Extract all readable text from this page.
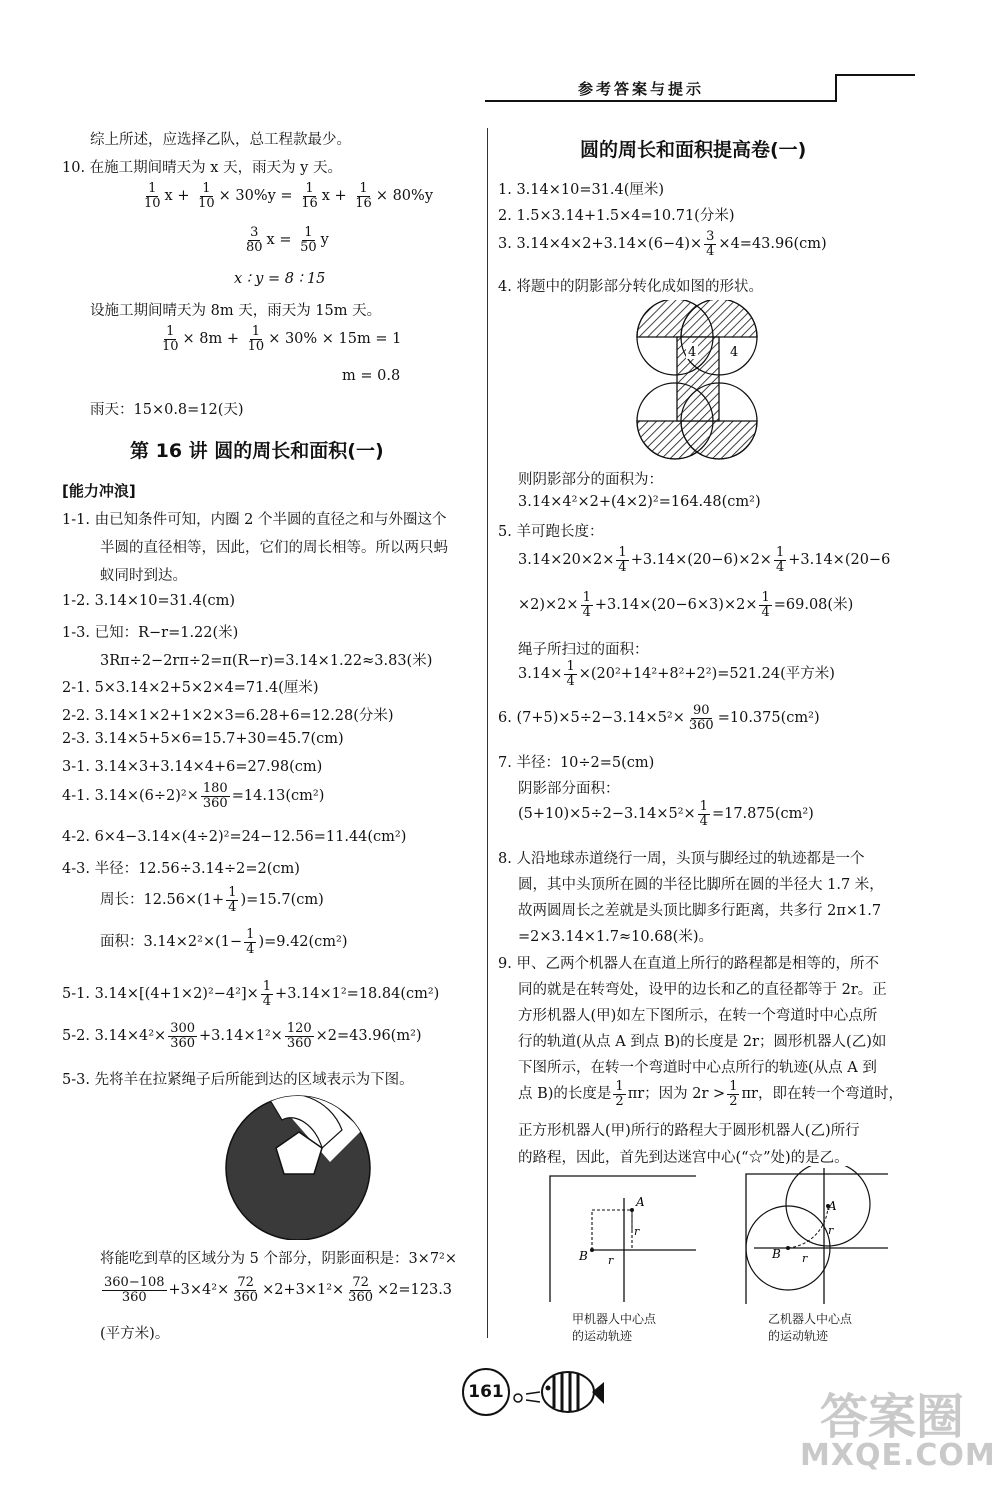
参考答案与提示
综上所述，应选择乙队，总工程款最少。
10. 在施工期间晴天为 x 天，雨天为 y 天。
$\frac{1}{10}$ $x + \frac{1}{10} \times 30\%y = \frac{1}{16}$ $x + \frac{1}{16} \times 80\%y$
$\frac{3}{80}$ $x = \frac{1}{50}$ y
x ∶ y = 8 ∶ 15
设施工期间晴天为 8m 天，雨天为 15m 天。
$\frac{1}{10} \times 8m + \frac{1}{10} \times 30\% \times 15m = 1$
m = 0.8
雨天：15×0.8=12(天)
第 16 讲 圆的周长和面积(一)
[能力冲浪]
1-1. 由已知条件可知，内圈 2 个半圆的直径之和与外圈这个
半圆的直径相等，因此，它们的周长相等。所以两只蚂
蚁同时到达。
1-2. 3.14×10=31.4(cm)
1-3. 已知：R−r=1.22(米)
3Rπ÷2−2rπ÷2=π(R−r)=3.14×1.22≈3.83(米)
2-1. 5×3.14×2+5×2×4=71.4(厘米)
2-2. 3.14×1×2+1×2×3=6.28+6=12.28(分米)
2-3. 3.14×5+5×6=15.7+30=45.7(cm)
3-1. 3.14×3+3.14×4+6=27.98(cm)
4-1. $3.14\times(6\div 2)^2\times \frac{180}{360} =14.13(cm^2)$
4-2. 6×4−3.14×(4÷2)²=24−12.56=11.44(cm²)
4-3. 半径：12.56÷3.14÷2=2(cm)
周长：$12.56\times(1+ \frac{1}{4} )=15.7(cm)$
面积：$3.14\times 2^2\times(1- \frac{1}{4} )=9.42(cm^2)$
5-1. $3.14\times[(4+1\times 2)^2-4^2]\times \frac{1}{4} +3.14\times 1^2=18.84(cm^2)$
5-2. $3.14\times 4^2\times \frac{300}{360} +3.14\times 1^2\times \frac{120}{360} \times 2=43.96(m^2)$
5-3. 先将羊在拉紧绳子后所能到达的区域表示为下图。
将能吃到草的区域分为 5 个部分，阴影面积是：3×7²×
$\frac{360-108}{360} +3\times 4^2\times \frac{72}{360} \times 2+3\times 1^2\times \frac{72}{360} \times 2=123.3$
(平方米)。
圆的周长和面积提高卷(一)
1. 3.14×10=31.4(厘米)
2. 1.5×3.14+1.5×4=10.71(分米)
3. $3.14\times 4\times 2+3.14\times(6-4)\times \frac{3}{4} \times 4=43.96(cm)$
4. 将题中的阴影部分转化成如图的形状。
4	4
则阴影部分的面积为：
3.14×4²×2+(4×2)²=164.48(cm²)
5. 羊可跑长度：
$3.14\times 20\times 2\times \frac{1}{4} +3.14\times(20-6)\times 2\times \frac{1}{4} +3.14\times(20-6$
$\times 2)\times 2\times \frac{1}{4} +3.14\times(20-6\times 3)\times 2\times \frac{1}{4} =69.08$(米)
绳子所扫过的面积：
$3.14\times \frac{1}{4} \times(20^2+14^2+8^2+2^2)=521.24$(平方米)
6. $(7+5)\times 5\div 2-3.14\times 5^2\times \frac{90}{360} =10.375(cm^2)$
7. 半径：10÷2=5(cm)
阴影部分面积：
$(5+10)\times 5\div 2-3.14\times 5^2\times \frac{1}{4} =17.875(cm^2)$
8. 人沿地球赤道绕行一周，头顶与脚经过的轨迹都是一个
圆，其中头顶所在圆的半径比脚所在圆的半径大 1.7 米，
故两圆周长之差就是头顶比脚多行距离，共多行 2π×1.7
=2×3.14×1.7≈10.68(米)。
9. 甲、乙两个机器人在直道上所行的路程都是相等的，所不
同的就是在转弯处，设甲的边长和乙的直径都等于 2r。正
方形机器人(甲)如左下图所示，在转一个弯道时中心点所
行的轨道(从点 A 到点 B)的长度是 2r；圆形机器人(乙)如
下图所示，在转一个弯道时中心点所行的轨迹(从点 A 到
点 B)的长度是 $\frac{1}{2}$ πr；因为 $2r > \frac{1}{2}$ πr，即在转一个弯道时，
正方形机器人(甲)所行的路程大于圆形机器人(乙)所行
的路程，因此，首先到达迷宫中心(“☆”处)的是乙。
A
B
r
r
甲机器人中心点
的运动轨迹
A
B
r
r
乙机器人中心点
的运动轨迹
161	答案圈
MXQE.COM
